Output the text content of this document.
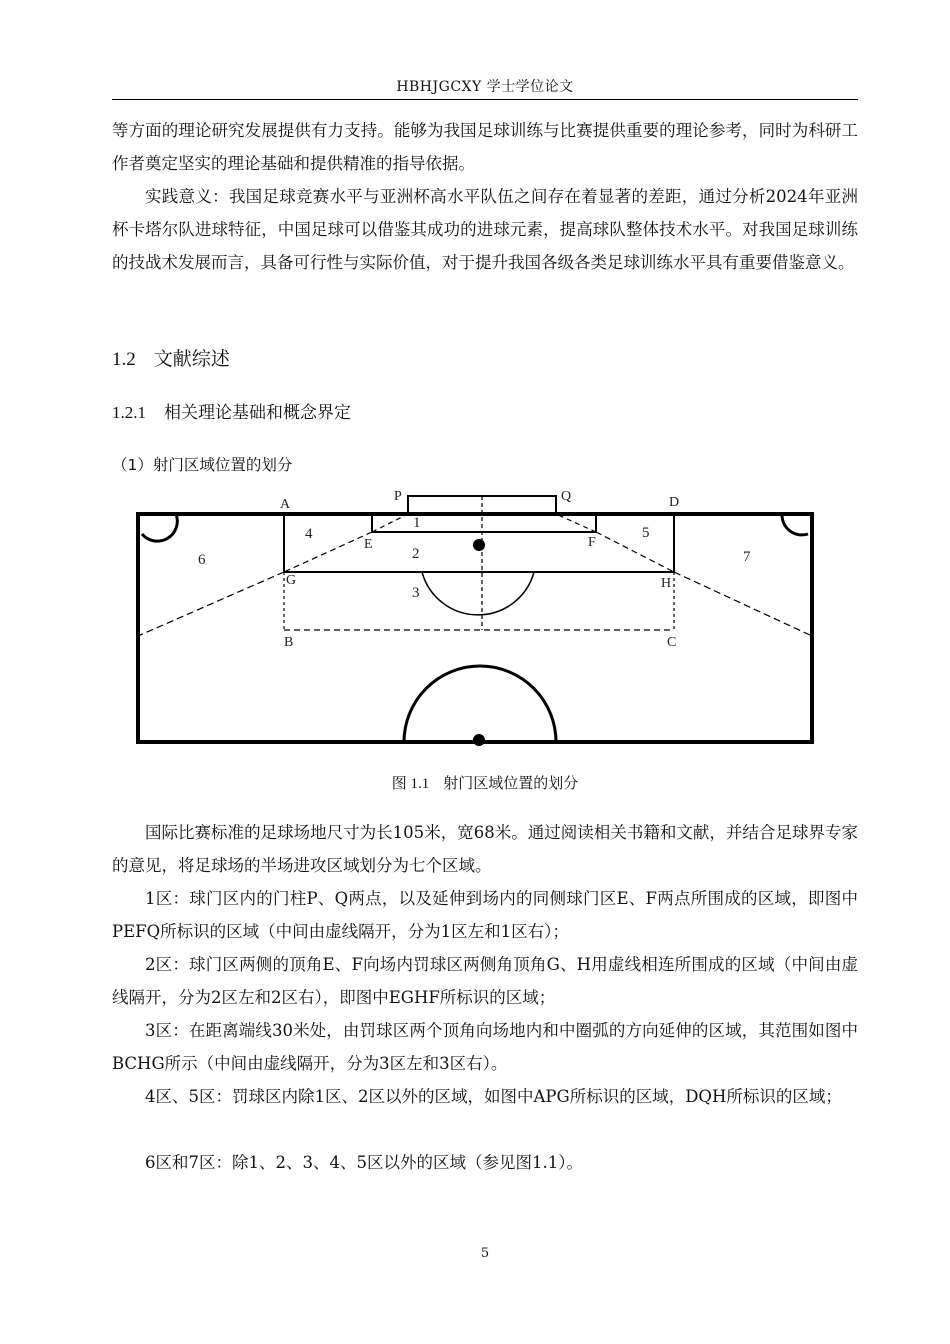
HBHJGCXY 学士学位论文

等方面的理论研究发展提供有力支持。能够为我国足球训练与比赛提供重要的理论参考，同时为科研工作者奠定坚实的理论基础和提供精准的指导依据。

实践意义：我国足球竞赛水平与亚洲杯高水平队伍之间存在着显著的差距，通过分析2024年亚洲杯卡塔尔队进球特征，中国足球可以借鉴其成功的进球元素，提高球队整体技术水平。对我国足球训练的技战术发展而言，具备可行性与实际价值，对于提升我国各级各类足球训练水平具有重要借鉴意义。

1.2 文献综述
1.2.1 相关理论基础和概念界定
（1）射门区域位置的划分
A
P	Q	D
E	F
G	H
B	C
1
2
3
4	5
6	7
图 1.1 射门区域位置的划分

国际比赛标准的足球场地尺寸为长105米，宽68米。通过阅读相关书籍和文献，并结合足球界专家的意见，将足球场的半场进攻区域划分为七个区域。

1区：球门区内的门柱P、Q两点，以及延伸到场内的同侧球门区E、F两点所围成的区域，即图中PEFQ所标识的区域（中间由虚线隔开，分为1区左和1区右）；

2区：球门区两侧的顶角E、F向场内罚球区两侧角顶角G、H用虚线相连所围成的区域（中间由虚线隔开，分为2区左和2区右），即图中EGHF所标识的区域；

3区：在距离端线30米处，由罚球区两个顶角向场地内和中圈弧的方向延伸的区域，其范围如图中BCHG所示（中间由虚线隔开，分为3区左和3区右）。

4区、5区：罚球区内除1区、2区以外的区域，如图中APG所标识的区域，DQH所标识的区域；

6区和7区：除1、2、3、4、5区以外的区域（参见图1.1）。

5
